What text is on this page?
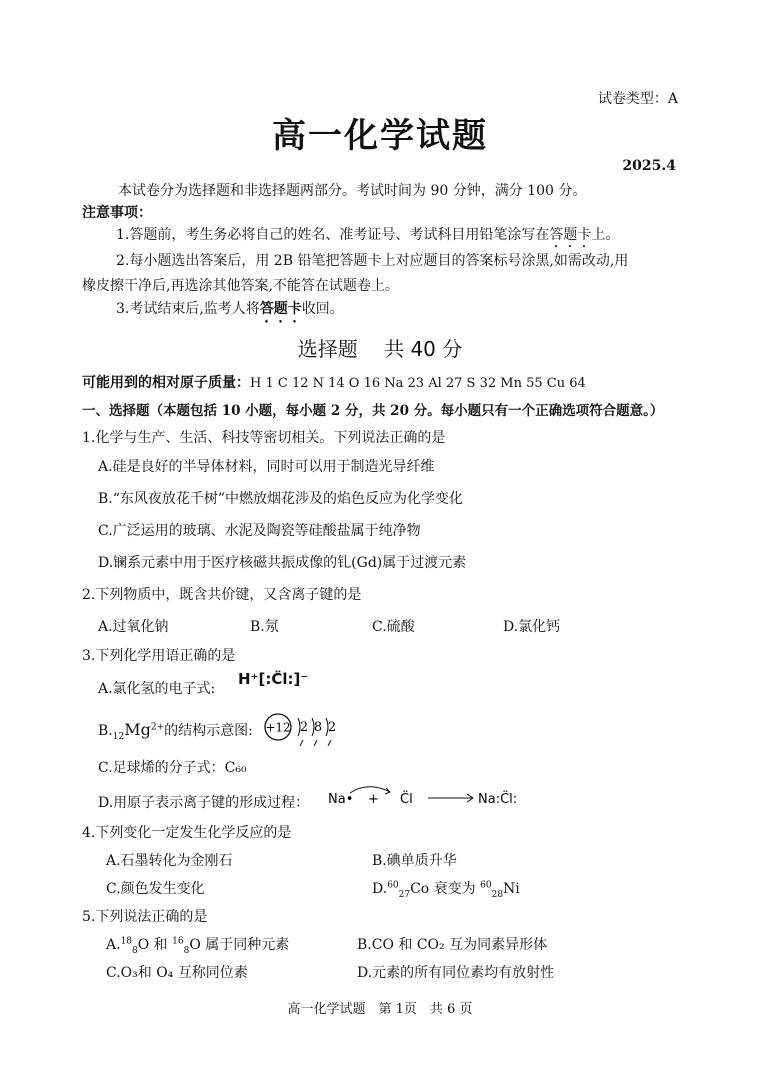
试卷类型：A
高一化学试题
2025.4
本试卷分为选择题和非选择题两部分。考试时间为 90 分钟，满分 100 分。
注意事项：
1.答题前，考生务必将自己的姓名、准考证号、考试科目用铅笔涂写在答题卡上。
2.每小题选出答案后，用 2B 铅笔把答题卡上对应题目的答案标号涂黑,如需改动,用
橡皮擦干净后,再选涂其他答案,不能答在试题卷上。
3.考试结束后,监考人将答题卡收回。
选择题　 共 40 分
可能用到的相对原子质量：H 1 C 12 N 14 O 16 Na 23 Al 27 S 32 Mn 55 Cu 64
一、选择题（本题包括 10 小题，每小题 2 分，共 20 分。每小题只有一个正确选项符合题意。）
1.化学与生产、生活、科技等密切相关。下列说法正确的是
A.硅是良好的半导体材料，同时可以用于制造光导纤维
B.“东风夜放花千树”中燃放烟花涉及的焰色反应为化学变化
C.广泛运用的玻璃、水泥及陶瓷等硅酸盐属于纯净物
D.镧系元素中用于医疗核磁共振成像的钆(Gd)属于过渡元素
2.下列物质中，既含共价键，又含离子键的是
A.过氧化钠	B.氖	C.硫酸	D.氯化钙
3.下列化学用语正确的是
A.氯化氢的电子式:
H⁺[:C̈l:]⁻
$B._{12}Mg^{2+}$的结构示意图: +12 2 8 2
C.足球烯的分子式：C₆₀
D.用原子表示离子键的形成过程： Na• + C̈l	Na:C̈l:
4.下列变化一定发生化学反应的是
A.石墨转化为金刚石	B.碘单质升华
C.颜色发生变化	D.$^{60}_{27}$Co 衰变为 $^{60}_{28}$Ni
5.下列说法正确的是
A.$^{18}_8$O 和 $^{16}_8$O 属于同种元素	B.CO 和 CO₂ 互为同素异形体
C.O₃和 O₄ 互称同位素	D.元素的所有同位素均有放射性
高一化学试题　第 1页　共 6 页
